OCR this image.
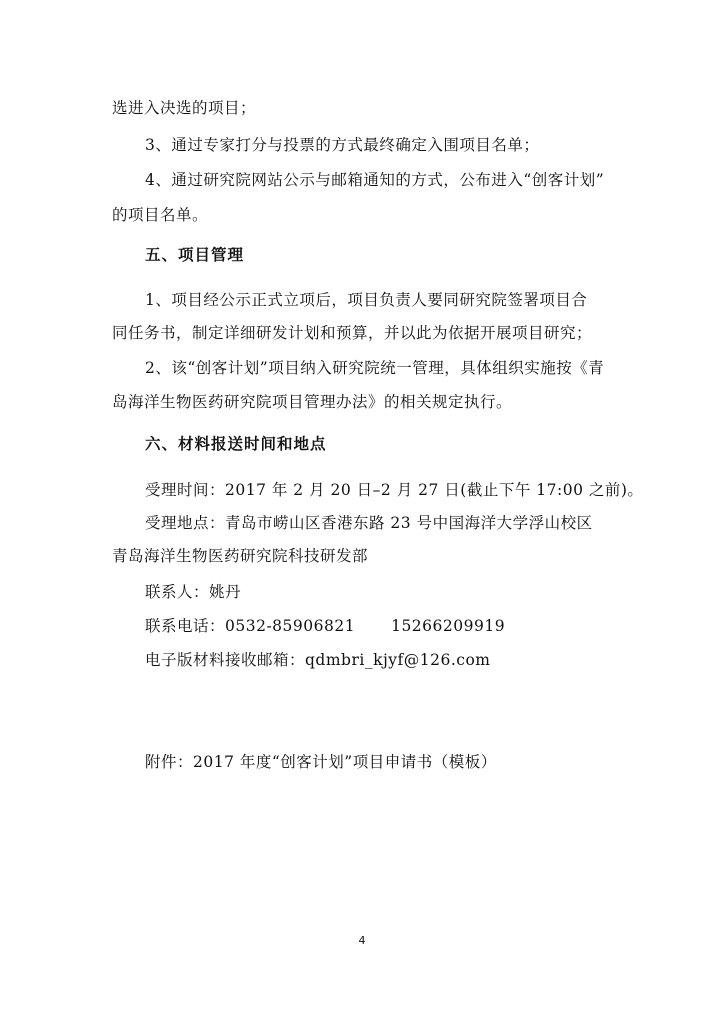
选进入决选的项目；
3、通过专家打分与投票的方式最终确定入围项目名单；
4、通过研究院网站公示与邮箱通知的方式，公布进入“创客计划”
的项目名单。
五、项目管理
1、项目经公示正式立项后，项目负责人要同研究院签署项目合
同任务书，制定详细研发计划和预算，并以此为依据开展项目研究；
2、该“创客计划”项目纳入研究院统一管理，具体组织实施按《青
岛海洋生物医药研究院项目管理办法》的相关规定执行。
六、材料报送时间和地点
受理时间：2017 年 2 月 20 日–2 月 27 日(截止下午 17:00 之前)。
受理地点：青岛市崂山区香港东路 23 号中国海洋大学浮山校区
青岛海洋生物医药研究院科技研发部
联系人：姚丹
联系电话：0532-85906821 15266209919
电子版材料接收邮箱：qdmbri_kjyf@126.com
附件：2017 年度“创客计划”项目申请书（模板）
4
